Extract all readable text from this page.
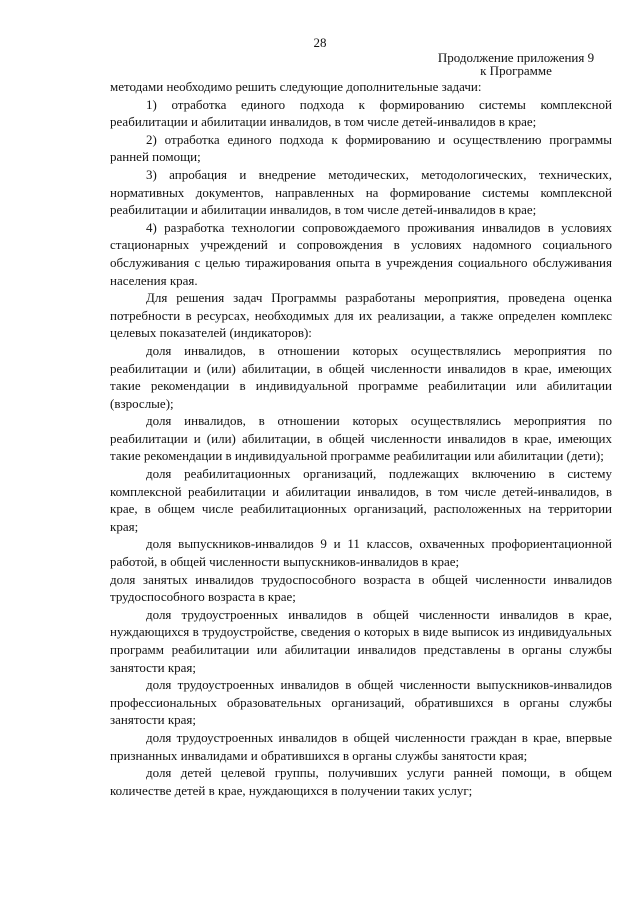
28
Продолжение приложения 9
к Программе

методами необходимо решить следующие дополнительные задачи:

1) отработка единого подхода к формированию системы комплексной реабилитации и абилитации инвалидов, в том числе детей-инвалидов в крае;

2) отработка единого подхода к формированию и осуществлению программы ранней помощи;

3) апробация и внедрение методических, методологических, технических, нормативных документов, направленных на формирование системы комплексной реабилитации и абилитации инвалидов, в том числе детей-инвалидов в крае;

4) разработка технологии сопровождаемого проживания инвалидов в условиях стационарных учреждений и сопровождения в условиях надомного социального обслуживания с целью тиражирования опыта в учреждения социального обслуживания населения края.

Для решения задач Программы разработаны мероприятия, проведена оценка потребности в ресурсах, необходимых для их реализации, а также определен комплекс целевых показателей (индикаторов):

доля инвалидов, в отношении которых осуществлялись мероприятия по реабилитации и (или) абилитации, в общей численности инвалидов в крае, имеющих такие рекомендации в индивидуальной программе реабилитации или абилитации (взрослые);

доля инвалидов, в отношении которых осуществлялись мероприятия по реабилитации и (или) абилитации, в общей численности инвалидов в крае, имеющих такие рекомендации в индивидуальной программе реабилитации или абилитации (дети);

доля реабилитационных организаций, подлежащих включению в систему комплексной реабилитации и абилитации инвалидов, в том числе детей-инвалидов, в крае, в общем числе реабилитационных организаций, расположенных на территории края;

доля выпускников-инвалидов 9 и 11 классов, охваченных профориентационной работой, в общей численности выпускников-инвалидов в крае;

доля занятых инвалидов трудоспособного возраста в общей численности инвалидов трудоспособного возраста в крае;

доля трудоустроенных инвалидов в общей численности инвалидов в крае, нуждающихся в трудоустройстве, сведения о которых в виде выписок из индивидуальных программ реабилитации или абилитации инвалидов представлены в органы службы занятости края;

доля трудоустроенных инвалидов в общей численности выпускников-инвалидов профессиональных образовательных организаций, обратившихся в органы службы занятости края;

доля трудоустроенных инвалидов в общей численности граждан в крае, впервые признанных инвалидами и обратившихся в органы службы занятости края;

доля детей целевой группы, получивших услуги ранней помощи, в общем количестве детей в крае, нуждающихся в получении таких услуг;
